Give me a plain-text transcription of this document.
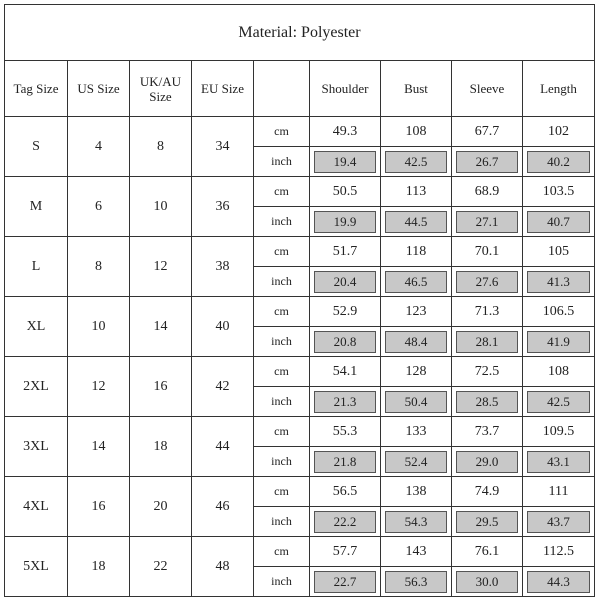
Material: Polyester								
Tag Size	US Size	UK/AU Size	EU Size		Shoulder	Bust	Sleeve	Length
S	4	8	34	cm	49.3	108	67.7	102
				inch	19.4	42.5	26.7	40.2

M	6	10	36	cm	50.5	113	68.9	103.5
				inch	19.9	44.5	27.1	40.7

L	8	12	38	cm	51.7	118	70.1	105
				inch	20.4	46.5	27.6	41.3

XL	10	14	40	cm	52.9	123	71.3	106.5
				inch	20.8	48.4	28.1	41.9

2XL	12	16	42	cm	54.1	128	72.5	108
				inch	21.3	50.4	28.5	42.5

3XL	14	18	44	cm	55.3	133	73.7	109.5
				inch	21.8	52.4	29.0	43.1

4XL	16	20	46	cm	56.5	138	74.9	111
				inch	22.2	54.3	29.5	43.7

5XL	18	22	48	cm	57.7	143	76.1	112.5
				inch	22.7	56.3	30.0	44.3
